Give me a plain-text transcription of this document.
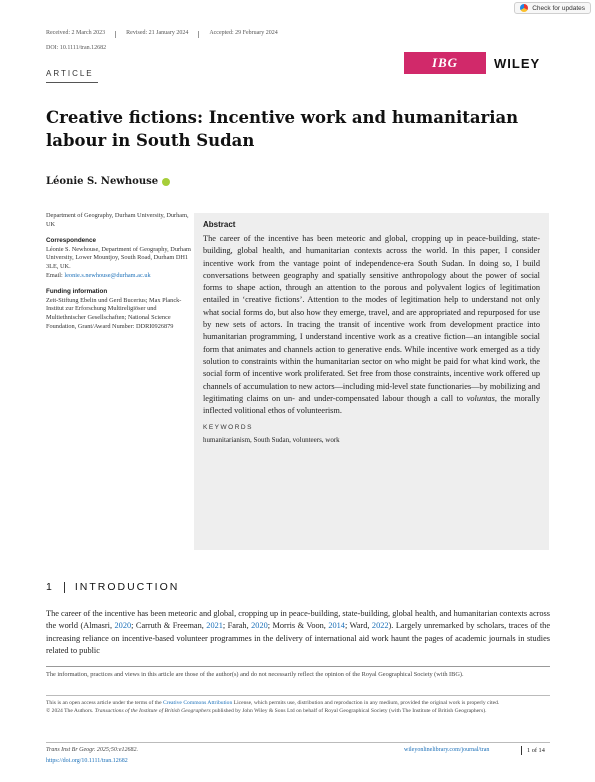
Check for updates
Received: 2 March 2023	Revised: 21 January 2024	Accepted: 29 February 2024
DOI: 10.1111/tran.12682
IBG	WILEY
ARTICLE
Creative fictions: Incentive work and humanitarian labour in South Sudan
Léonie S. Newhouse
Department of Geography, Durham University, Durham, UK
Correspondence
Léonie S. Newhouse, Department of Geography, Durham University, Lower Mountjoy, South Road, Durham DH1 3LE, UK.
Email: leonie.s.newhouse@durham.ac.uk
Funding information
Zeit-Stiftung Ebelin und Gerd Bucerius; Max Planck-Institut zur Erforschung Multireligiöser und Multiethnischer Gesellschaften; National Science Foundation, Grant/Award Number: DDRI0926879
Abstract

The career of the incentive has been meteoric and global, cropping up in peace-building, state-building, global health, and humanitarian contexts across the world. In this paper, I consider incentive work from the vantage point of independence-era South Sudan. In doing so, I build conversations between geography and spatially sensitive anthropology about the power of social forms to shape action, through an attention to the porous and polyvalent logics of legitimation entailed in ‘creative fictions’. Attention to the modes of legitimation help to understand not only what social forms do, but also how they emerge, travel, and are appropriated and repurposed for use by new sets of actors. In tracing the transit of incentive work from development practice into humanitarian programming, I understand incentive work as a creative fiction—an intangible social form that animates and channels action to generative ends. While incentive work emerged as a tidy solution to constraints within the humanitarian sector on who might be paid for what kind work, the social form of incentive work proliferated. Set free from those constraints, incentive work offered up channels of accumulation to new actors—including mid-level state functionaries—by mobilizing and legitimating claims on un- and under-compensated labour though a call to voluntas, the morally inflected volitional ethos of volunteerism.

KEYWORDS
humanitarianism, South Sudan, volunteers, work
1 INTRODUCTION

The career of the incentive has been meteoric and global, cropping up in peace-building, state-building, global health, and humanitarian contexts across the world (Almasri, 2020; Carruth & Freeman, 2021; Farah, 2020; Morris & Voon, 2014; Ward, 2022). Largely unremarked by scholars, traces of the increasing reliance on incentive-based volunteer programmes in the delivery of international aid work haunt the pages of academic journals in studies related to public

The information, practices and views in this article are those of the author(s) and do not necessarily reflect the opinion of the Royal Geographical Society (with IBG).

This is an open access article under the terms of the Creative Commons Attribution License, which permits use, distribution and reproduction in any medium, provided the original work is properly cited.

© 2024 The Authors. Transactions of the Institute of British Geographers published by John Wiley & Sons Ltd on behalf of Royal Geographical Society (with The Institute of British Geographers).

Trans Inst Br Geogr. 2025;50:e12682.
https://doi.org/10.1111/tran.12682
wileyonlinelibrary.com/journal/tran	1 of 14
